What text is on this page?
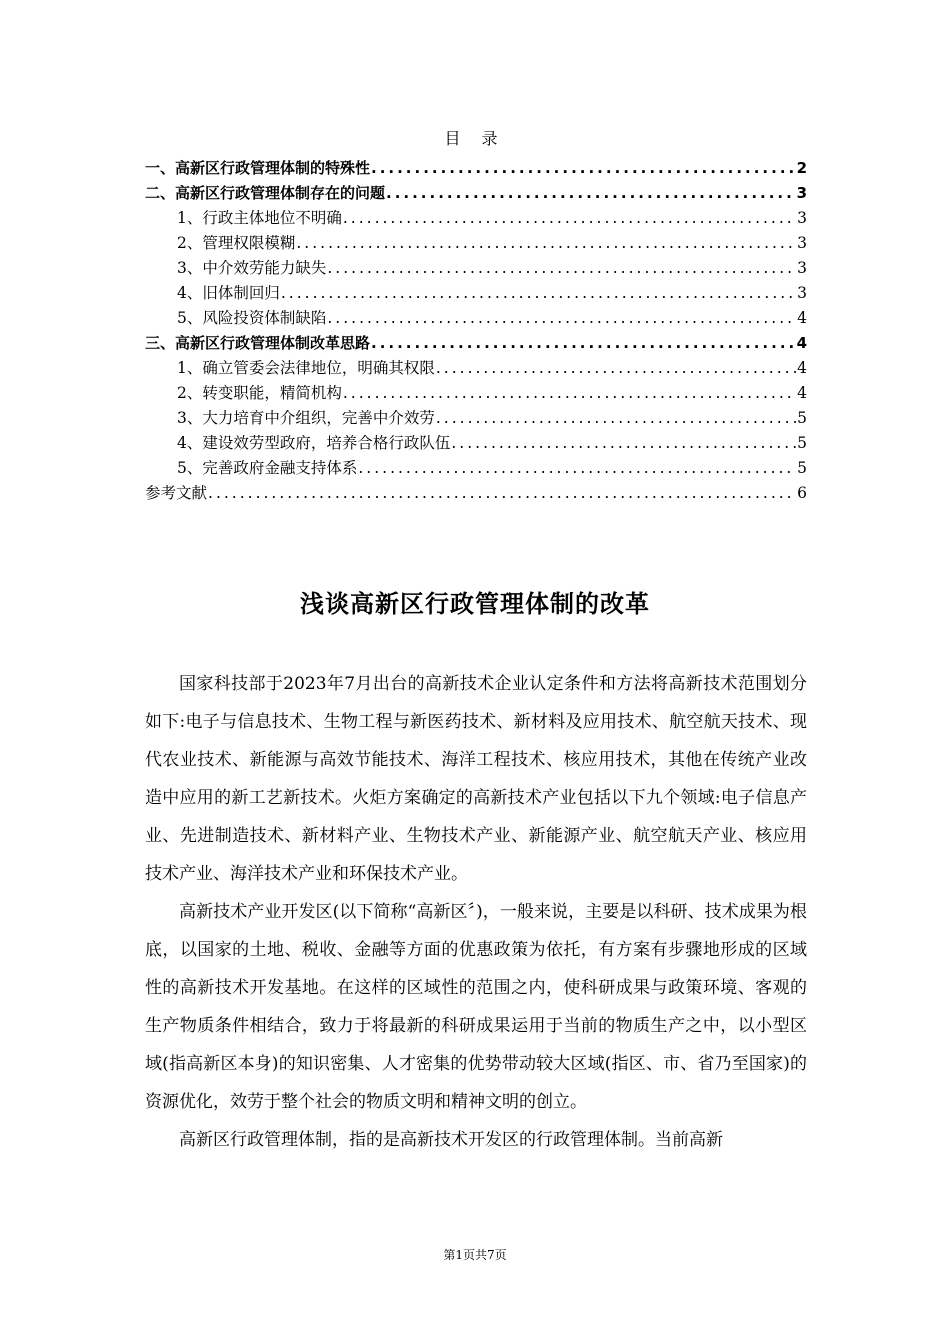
目 录
一、高新区行政管理体制的特殊性 .....	2
二、高新区行政管理体制存在的问题 .....	3
1、行政主体地位不明确 .....	3
2、管理权限模糊 .....	3
3、中介效劳能力缺失 .....	3
4、旧体制回归 .....	3
5、风险投资体制缺陷 .....	4
三、高新区行政管理体制改革思路 .....	4
1、确立管委会法律地位，明确其权限 .....	4
2、转变职能，精简机构 .....	4
3、大力培育中介组织，完善中介效劳 .....	5
4、建设效劳型政府，培养合格行政队伍 .....	5
5、完善政府金融支持体系 .....	5
参考文献 .....	6
浅谈高新区行政管理体制的改革

国家科技部于2023年7月出台的高新技术企业认定条件和方法将高新技术范围划分如下:电子与信息技术、生物工程与新医药技术、新材料及应用技术、航空航天技术、现代农业技术、新能源与高效节能技术、海洋工程技术、核应用技术，其他在传统产业改造中应用的新工艺新技术。火炬方案确定的高新技术产业包括以下九个领域:电子信息产业、先进制造技术、新材料产业、生物技术产业、新能源产业、航空航天产业、核应用技术产业、海洋技术产业和环保技术产业。

高新技术产业开发区(以下简称“高新区〞)，一般来说，主要是以科研、技术成果为根底，以国家的土地、税收、金融等方面的优惠政策为依托，有方案有步骤地形成的区域性的高新技术开发基地。在这样的区域性的范围之内，使科研成果与政策环境、客观的生产物质条件相结合，致力于将最新的科研成果运用于当前的物质生产之中，以小型区域(指高新区本身)的知识密集、人才密集的优势带动较大区域(指区、市、省乃至国家)的资源优化，效劳于整个社会的物质文明和精神文明的创立。

高新区行政管理体制，指的是高新技术开发区的行政管理体制。当前高新

第1页共7页
